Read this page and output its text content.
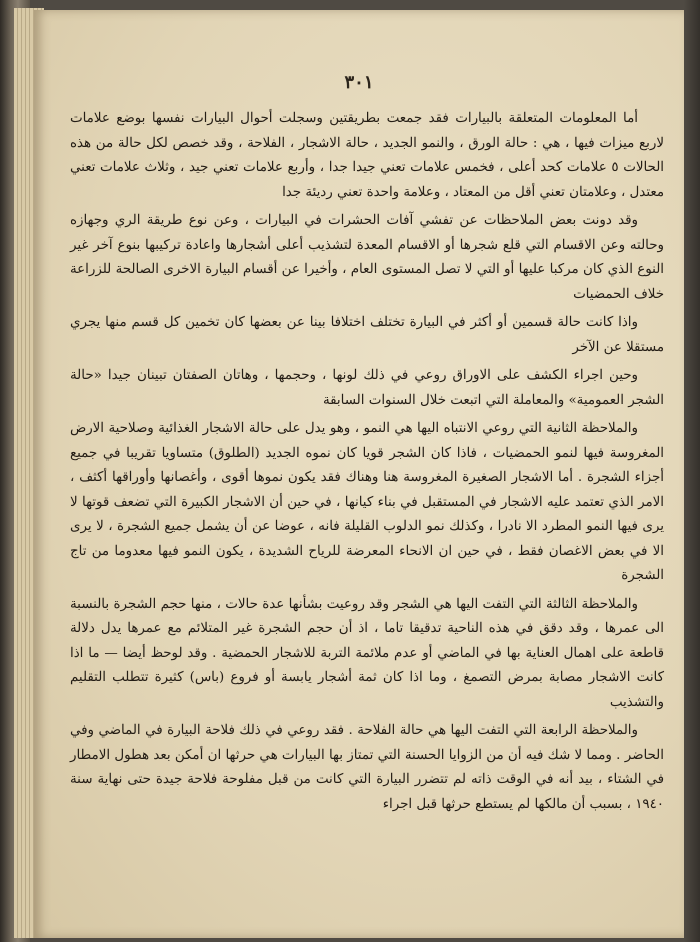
٣٠١

أما المعلومات المتعلقة بالبيارات فقد جمعت بطريقتين وسجلت أحوال البيارات نفسها بوضع علامات لاربع ميزات فيها ، هي : حالة الورق ، والنمو الجديد ، حالة الاشجار ، الفلاحة ، وقد خصص لكل حالة من هذه الحالات ٥ علامات كحد أعلى ، فخمس علامات تعني جيدا جدا ، وأربع علامات تعني جيد ، وثلاث علامات تعني معتدل ، وعلامتان تعني أقل من المعتاد ، وعلامة واحدة تعني رديئة جدا

وقد دونت بعض الملاحظات عن تفشي آفات الحشرات في البيارات ، وعن نوع طريقة الري وجهازه وحالته وعن الاقسام التي قلع شجرها أو الاقسام المعدة لتشذيب أعلى أشجارها واعادة تركيبها بنوع آخر غير النوع الذي كان مركبا عليها أو التي لا تصل المستوى العام ، وأخيرا عن أقسام البيارة الاخرى الصالحة للزراعة خلاف الحمضيات

واذا كانت حالة قسمين أو أكثر في البيارة تختلف اختلافا بينا عن بعضها كان تخمين كل قسم منها يجري مستقلا عن الآخر

وحين اجراء الكشف على الاوراق روعي في ذلك لونها ، وحجمها ، وهاتان الصفتان تبينان جيدا «حالة الشجر العمومية» والمعاملة التي اتبعت خلال السنوات السابقة

والملاحظة الثانية التي روعي الانتباه اليها هي النمو ، وهو يدل على حالة الاشجار الغذائية وصلاحية الارض المغروسة فيها لنمو الحمضيات ، فاذا كان الشجر قويا كان نموه الجديد (الطلوق) متساويا تقريبا في جميع أجزاء الشجرة . أما الاشجار الصغيرة المغروسة هنا وهناك فقد يكون نموها أقوى ، وأغصانها وأوراقها أكثف ، الامر الذي تعتمد عليه الاشجار في المستقبل في بناء كيانها ، في حين أن الاشجار الكبيرة التي تضعف قوتها لا يرى فيها النمو المطرد الا نادرا ، وكذلك نمو الدلوب القليلة فانه ، عوضا عن أن يشمل جميع الشجرة ، لا يرى الا في بعض الاغصان فقط ، في حين ان الانحاء المعرضة للرياح الشديدة ، يكون النمو فيها معدوما من تاج الشجرة

والملاحظة الثالثة التي التفت اليها هي الشجر وقد روعيت بشأنها عدة حالات ، منها حجم الشجرة بالنسبة الى عمرها ، وقد دقق في هذه الناحية تدقيقا تاما ، اذ أن حجم الشجرة غير المتلائم مع عمرها يدل دلالة قاطعة على اهمال العناية بها في الماضي أو عدم ملائمة التربة للاشجار الحمضية . وقد لوحظ أيضا — ما اذا كانت الاشجار مصابة بمرض التصمغ ، وما اذا كان ثمة أشجار يابسة أو فروع (باس) كثيرة تتطلب التقليم والتشذيب

والملاحظة الرابعة التي التفت اليها هي حالة الفلاحة . فقد روعي في ذلك فلاحة البيارة في الماضي وفي الحاضر . ومما لا شك فيه أن من الزوايا الحسنة التي تمتاز بها البيارات هي حرثها ان أمكن بعد هطول الامطار في الشتاء ، بيد أنه في الوقت ذاته لم تتضرر البيارة التي كانت من قبل مفلوحة فلاحة جيدة حتى نهاية سنة ١٩٤٠ ، بسبب أن مالكها لم يستطع حرثها قبل اجراء
